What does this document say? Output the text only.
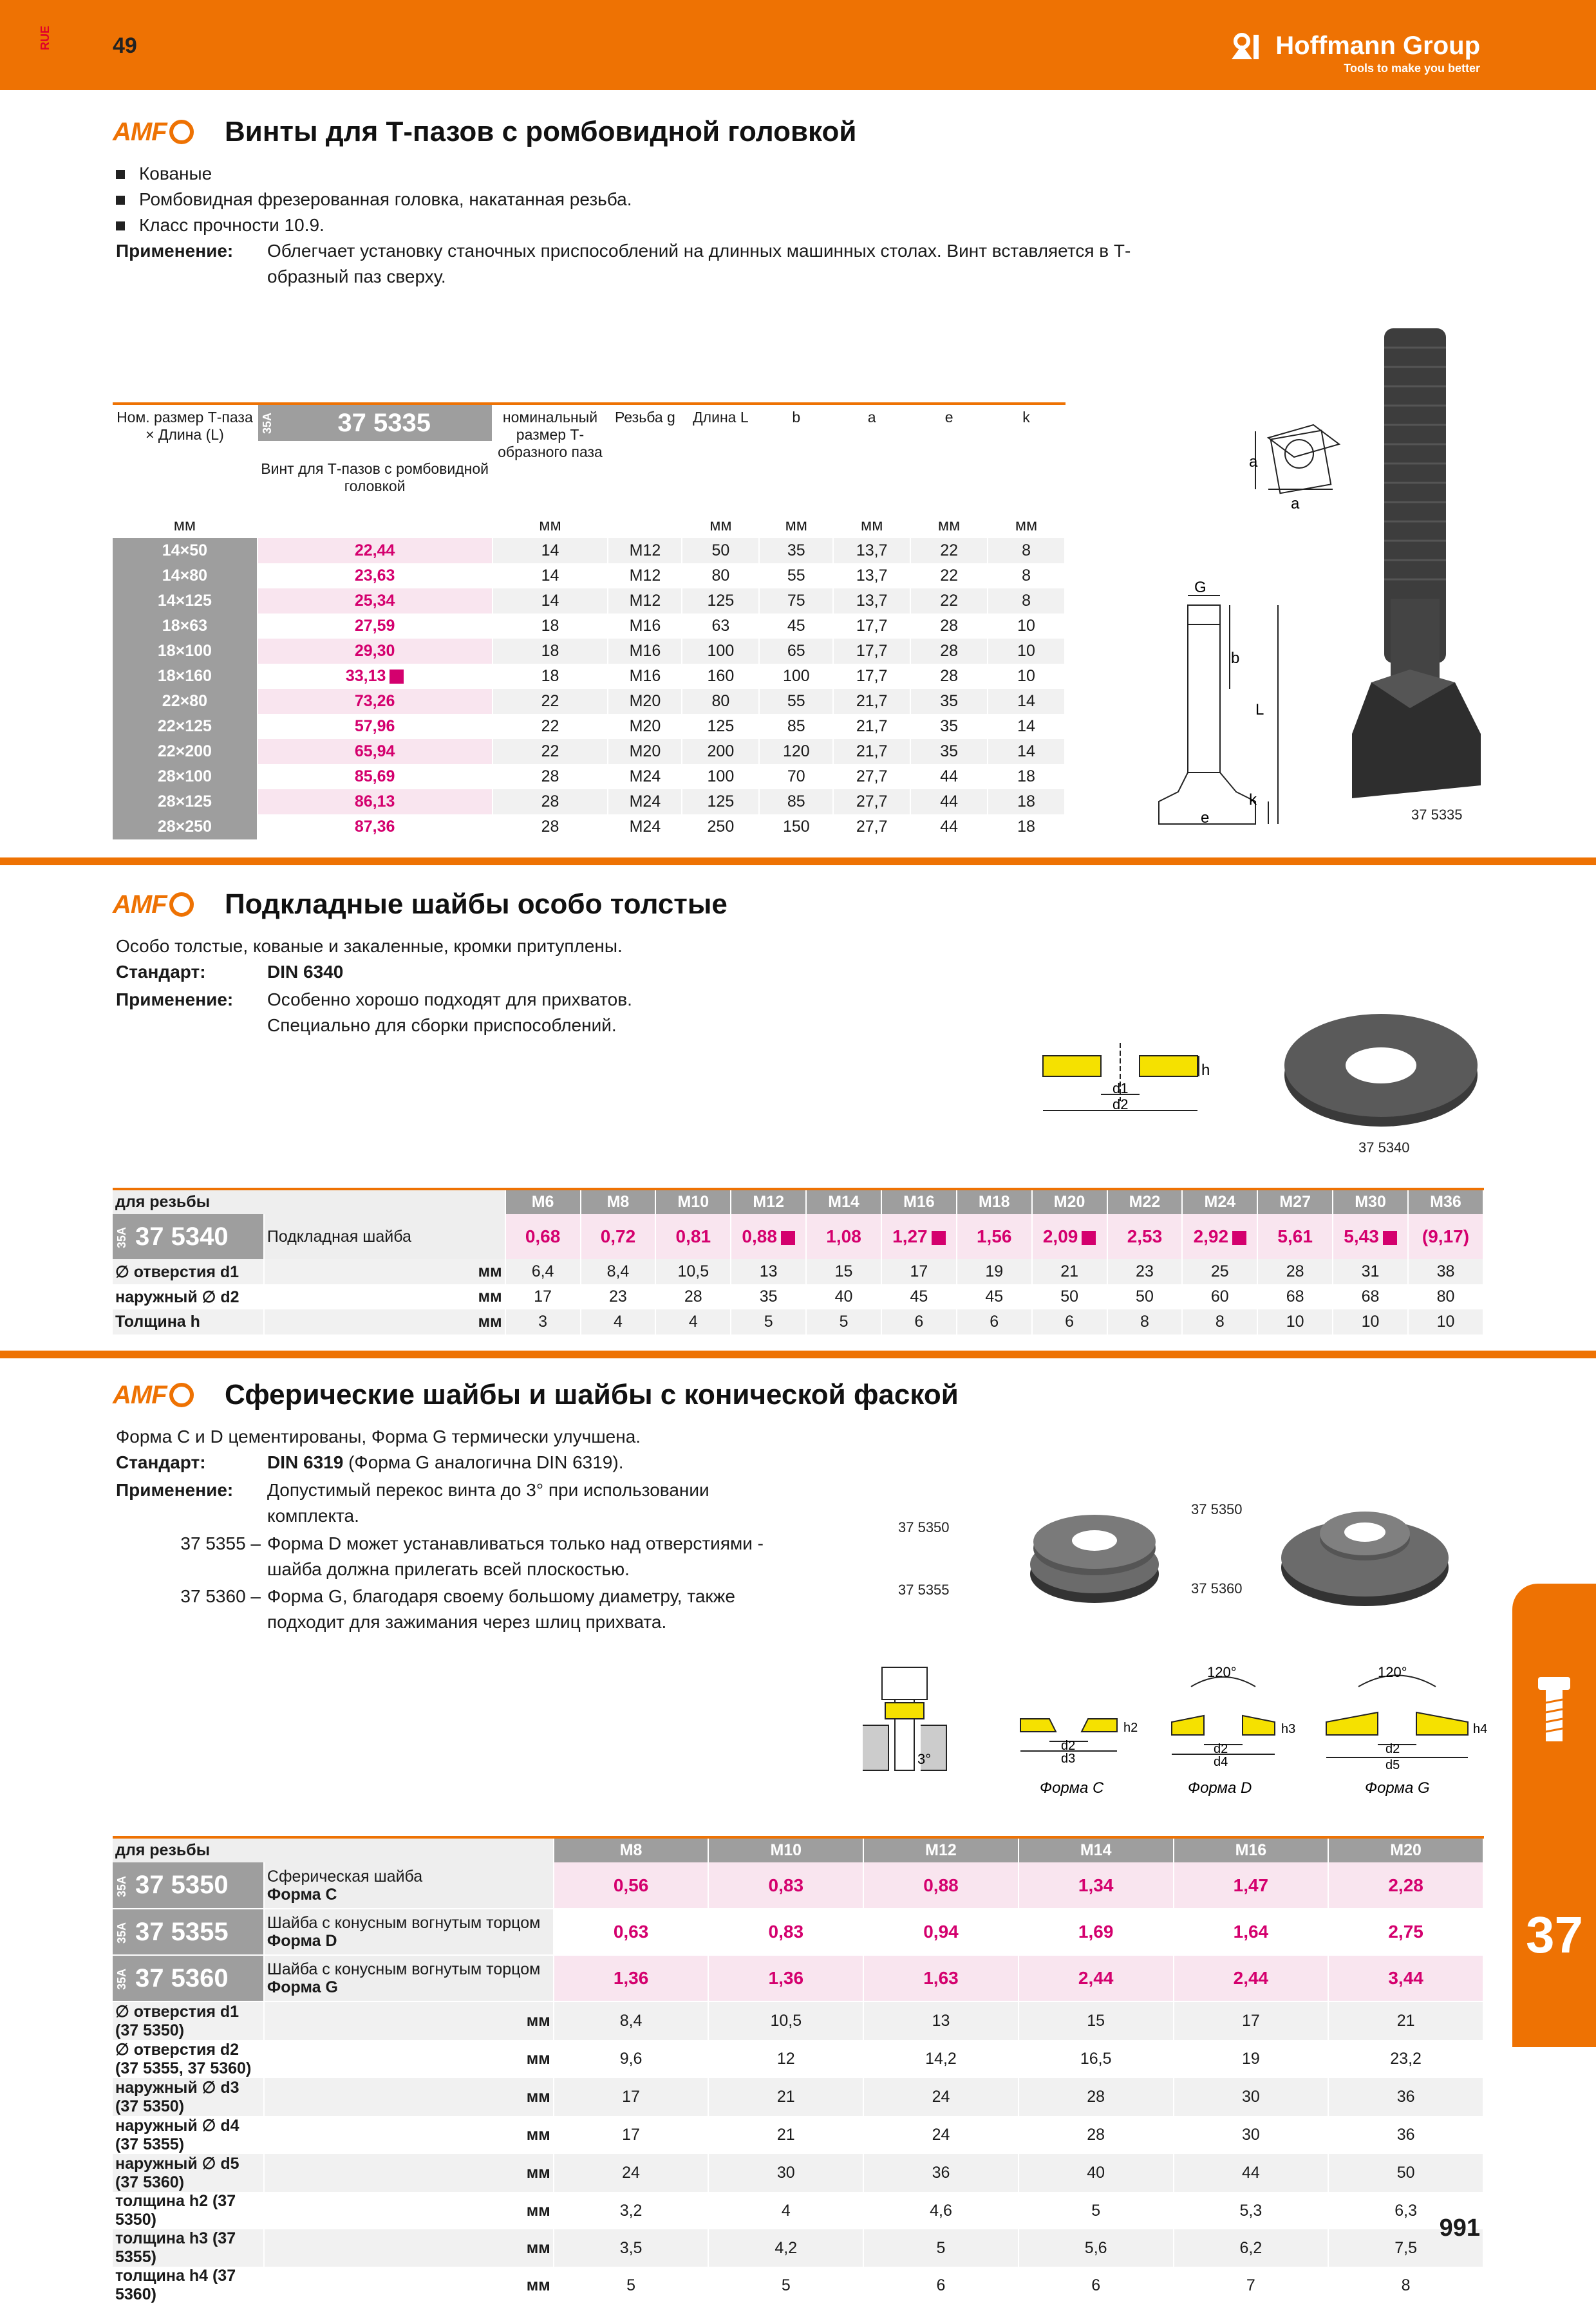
RUE	49	Hoffmann Group
Tools to make you better
AMF	Винты для Т-пазов с ромбовидной головкой
Кованые
Ромбовидная фрезерованная головка, накатанная резьба.
Класс прочности 10.9.
Применение:	Облегчает установку станочных приспособлений на длинных машинных столах. Винт вставляется в Т-образный паз сверху.
Ном. размер Т-паза × Длина (L)	35A 37 5335
Винт для Т-пазов с ромбовидной головкой	номинальный размер Т-образного паза	Резьба g	Длина L	b	a	e	k
мм		мм		мм	мм	мм	мм	мм
14×50	22,44	14	M12	50	35	13,7	22	8
14×80	23,63	14	M12	80	55	13,7	22	8
14×125	25,34	14	M12	125	75	13,7	22	8
18×63	27,59	18	M16	63	45	17,7	28	10
18×100	29,30	18	M16	100	65	17,7	28	10
18×160	33,13	18	M16	160	100	17,7	28	10
22×80	73,26	22	M20	80	55	21,7	35	14
22×125	57,96	22	M20	125	85	21,7	35	14
22×200	65,94	22	M20	200	120	21,7	35	14
28×100	85,69	28	M24	100	70	27,7	44	18
28×125	86,13	28	M24	125	85	27,7	44	18
28×250	87,36	28	M24	250	150	27,7	44	18
a
a
G
b
L
k
e	37 5335
AMF	Подкладные шайбы особо толстые
Особо толстые, кованые и закаленные, кромки притуплены.
Стандарт:	DIN 6340
Применение:	Особенно хорошо подходят для прихватов. Специально для сборки приспособлений.
h
d1
d2
37 5340
для резьбы		M6	M8	M10	M12	M14	M16	M18	M20	M22	M24	M27	M30	M36
35A 37 5340	Подкладная шайба	0,68	0,72	0,81	0,88	1,08	1,27	1,56	2,09	2,53	2,92	5,61	5,43	(9,17)
∅ отверстия d1	мм	6,4	8,4	10,5	13	15	17	19	21	23	25	28	31	38
наружный ∅ d2	мм	17	23	28	35	40	45	45	50	50	60	68	68	80
Толщина h	мм	3	4	4	5	5	6	6	6	8	8	10	10	10
AMF	Сферические шайбы и шайбы с конической фаской
Форма C и D цементированы, Форма G термически улучшена.
Стандарт:	DIN 6319 (Форма G аналогична DIN 6319).
Применение:	Допустимый перекос винта до 3° при использовании комплекта.
37 5355 – Форма D может устанавливаться только над отверстиями - шайба должна прилегать всей плоскостью.
37 5360 – Форма G, благодаря своему большому диаметру, также подходит для зажимания через шлиц прихвата.
37 5350
37 5355
37 5350
37 5360
3°
d2
d3
h2
Форма C
120°
d2
d4
h3
Форма D
120°
d2
d5
h4
Форма G
для резьбы		M8	M10	M12	M14	M16	M20
35A 37 5350	Сферическая шайба
Форма C	0,56	0,83	0,88	1,34	1,47	2,28
35A 37 5355	Шайба с конусным вогнутым торцом
Форма D	0,63	0,83	0,94	1,69	1,64	2,75
35A 37 5360	Шайба с конусным вогнутым торцом
Форма G	1,36	1,36	1,63	2,44	2,44	3,44
∅ отверстия d1 (37 5350)	мм	8,4	10,5	13	15	17	21
∅ отверстия d2 (37 5355, 37 5360)	мм	9,6	12	14,2	16,5	19	23,2
наружный ∅ d3 (37 5350)	мм	17	21	24	28	30	36
наружный ∅ d4 (37 5355)	мм	17	21	24	28	30	36
наружный ∅ d5 (37 5360)	мм	24	30	36	40	44	50
толщина h2 (37 5350)	мм	3,2	4	4,6	5	5,3	6,3
толщина h3 (37 5355)	мм	3,5	4,2	5	5,6	6,2	7,5
толщина h4 (37 5360)	мм	5	5	6	6	7	8
37
991
